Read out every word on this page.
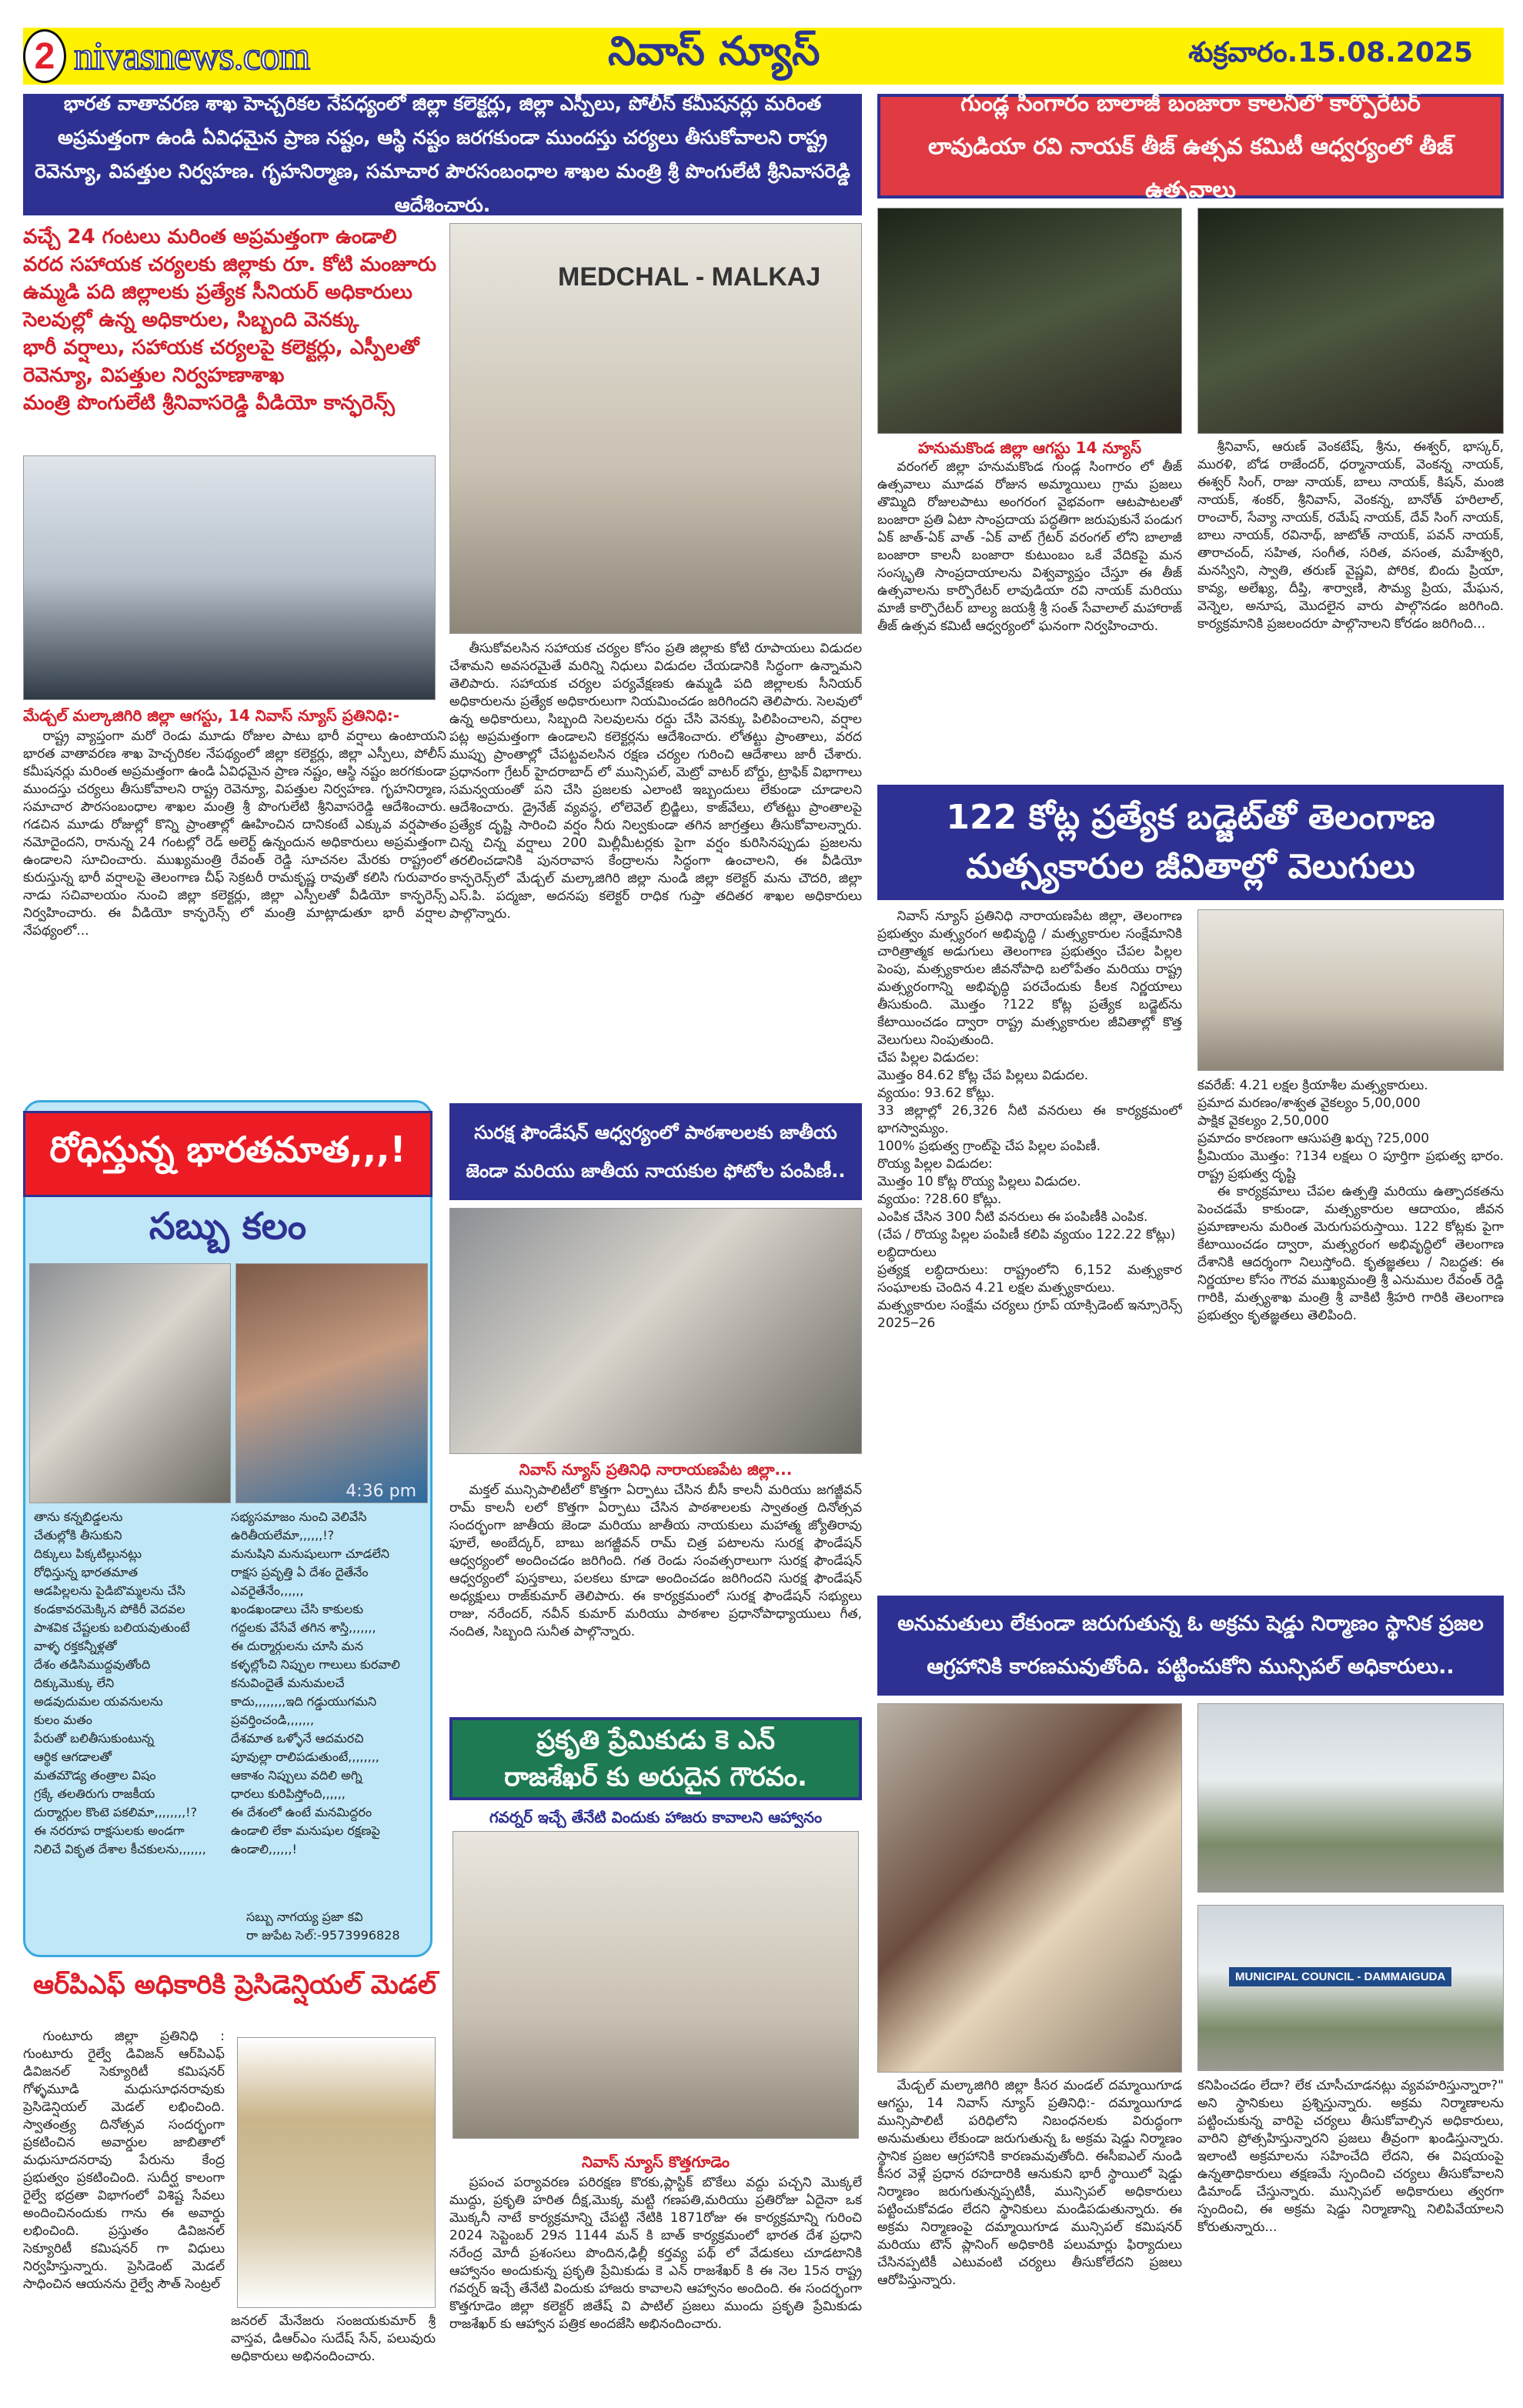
2 nivasnews.com	నివాస్ న్యూస్	శుక్రవారం.15.08.2025
భారత వాతావరణ శాఖ హెచ్చరికల నేపధ్యంలో జిల్లా కలెక్టర్లు, జిల్లా ఎస్పీలు, పోలీస్ కమీషనర్లు మరింత అప్రమత్తంగా ఉండి ఏవిధమైన ప్రాణ నష్టం, ఆస్థి నష్టం జరగకుండా ముందస్తు చర్యలు తీసుకోవాలని రాష్ట్ర రెవెన్యూ, విపత్తుల నిర్వహణ. గృహనిర్మాణ, సమాచార పౌరసంబంధాల శాఖల మంత్రి శ్రీ పొంగులేటి శ్రీనివాసరెడ్డి ఆదేశించారు.
వచ్చే 24 గంటలు మరింత అప్రమత్తంగా ఉండాలి
వరద సహాయక చర్యలకు జిల్లాకు రూ. కోటి మంజూరు
ఉమ్మడి పది జిల్లాలకు ప్రత్యేక సీనియర్ అధికారులు
సెలవుల్లో ఉన్న అధికారుల, సిబ్బంది వెనక్కు
భారీ వర్షాలు, సహాయక చర్యలపై కలెక్టర్లు, ఎస్పీలతో
రెవెన్యూ, విపత్తుల నిర్వహణాశాఖ
మంత్రి పొంగులేటి శ్రీనివాసరెడ్డి వీడియో కాన్ఫరెన్స్
MEDCHAL - MALKAJ
మేడ్చల్ మల్కాజిగిరి జిల్లా ఆగస్టు, 14 నివాస్ న్యూస్ ప్రతినిధి:-
రాష్ట్ర వ్యాప్తంగా మరో రెండు మూడు రోజుల పాటు భారీ వర్షాలు ఉంటాయని భారత వాతావరణ శాఖ హెచ్చరికల నేపథ్యంలో జిల్లా కలెక్టర్లు, జిల్లా ఎస్పీలు, పోలీస్ కమీషనర్లు మరింత అప్రమత్తంగా ఉండి ఏవిధమైన ప్రాణ నష్టం, ఆస్థి నష్టం జరగకుండా ముందస్తు చర్యలు తీసుకోవాలని రాష్ట్ర రెవెన్యూ, విపత్తుల నిర్వహణ. గృహనిర్మాణ, సమాచార పౌరసంబంధాల శాఖల మంత్రి శ్రీ పొంగులేటి శ్రీనివాసరెడ్డి ఆదేశించారు. గడచిన మూడు రోజుల్లో కొన్ని ప్రాంతాల్లో ఊహించిన దానికంటే ఎక్కువ వర్షపాతం నమోదైందని, రానున్న 24 గంటల్లో రెడ్ అలెర్ట్ ఉన్నందున అధికారులు అప్రమత్తంగా ఉండాలని సూచించారు. ముఖ్యమంత్రి రేవంత్ రెడ్డి సూచనల మేరకు రాష్ట్రంలో కురుస్తున్న భారీ వర్షాలపై తెలంగాణ చీఫ్ సెక్రటరీ రామకృష్ణ రావుతో కలిసి గురువారం నాడు సచివాలయం నుంచి జిల్లా కలెక్టర్లు, జిల్లా ఎస్పీలతో వీడియో కాన్ఫరెన్స్ నిర్వహించారు. ఈ వీడియో కాన్ఫరెన్స్ లో మంత్రి మాట్లాడుతూ భారీ వర్షాల నేపథ్యంలో...
తీసుకోవలసిన సహాయక చర్యల కోసం ప్రతి జిల్లాకు కోటి రూపాయలు విడుదల చేశామని అవసరమైతే మరిన్ని నిధులు విడుదల చేయడానికి సిద్ధంగా ఉన్నామని తెలిపారు. సహాయక చర్యల పర్యవేక్షణకు ఉమ్మడి పది జిల్లాలకు సీనియర్ అధికారులను ప్రత్యేక అధికారులుగా నియమించడం జరిగిందని తెలిపారు. సెలవులో ఉన్న అధికారులు, సిబ్బంది సెలవులను రద్దు చేసి వెనక్కు పిలిపించాలని, వర్షాల పట్ల అప్రమత్తంగా ఉండాలని కలెక్టర్లను ఆదేశించారు. లోతట్టు ప్రాంతాలు, వరద ముప్పు ప్రాంతాల్లో చేపట్టవలసిన రక్షణ చర్యల గురించి ఆదేశాలు జారీ చేశారు. ప్రధానంగా గ్రేటర్ హైదరాబాద్ లో మున్సిపల్, మెట్రో వాటర్ బోర్డు, ట్రాఫిక్ విభాగాలు సమన్వయంతో పని చేసి ప్రజలకు ఎలాంటి ఇబ్బందులు లేకుండా చూడాలని ఆదేశించారు. డ్రైనేజ్ వ్యవస్థ, లోలెవెల్ బ్రిడ్జిలు, కాజ్‌వేలు, లోతట్టు ప్రాంతాలపై ప్రత్యేక దృష్టి సారించి వర్షం నీరు నిల్వకుండా తగిన జాగ్రత్తలు తీసుకోవాలన్నారు. చిన్న చిన్న వర్షాలు 200 మిల్లీమీటర్లకు పైగా వర్షం కురిసినప్పుడు ప్రజలను తరలించడానికి పునరావాస కేంద్రాలను సిద్ధంగా ఉంచాలని, ఈ వీడియో కాన్ఫరెన్స్‌లో మేడ్చల్ మల్కాజిగిరి జిల్లా నుండి జిల్లా కలెక్టర్ మను చౌదరి, జిల్లా ఎస్.పి. పద్మజా, అదనపు కలెక్టర్ రాధిక గుప్తా తదితర శాఖల అధికారులు పాల్గొన్నారు.
గుండ్ల సింగారం బాలాజీ బంజారా కాలనీలో కార్పొరేటర్
లావుడియా రవి నాయక్ తీజ్ ఉత్సవ కమిటీ ఆధ్వర్యంలో తీజ్ ఉత్సవాలు
హనుమకొండ జిల్లా ఆగస్టు 14 న్యూస్
వరంగల్ జిల్లా హనుమకొండ గుండ్ల సింగారం లో తీజ్ ఉత్సవాలు మూడవ రోజున అమ్మాయిలు గ్రామ ప్రజలు తొమ్మిది రోజులపాటు అంగరంగ వైభవంగా ఆటపాటలతో బంజారా ప్రతి ఏటా సాంప్రదాయ పద్ధతిగా జరుపుకునే పండుగ ఏక్ జాత్-ఏక్ వాత్ -ఏక్ వాట్ గ్రేటర్ వరంగల్ లోని బాలాజీ బంజారా కాలనీ బంజారా కుటుంబం ఒకే వేదికపై మన సంస్కృతి సాంప్రదాయాలను విశ్వవ్యాప్తం చేస్తూ ఈ తీజ్ ఉత్సవాలను కార్పొరేటర్ లావుడియా రవి నాయక్ మరియు మాజీ కార్పొరేటర్ బాల్య జయశ్రీ శ్రీ సంత్ సేవాలాల్ మహారాజ్ తీజ్ ఉత్సవ కమిటీ ఆధ్వర్యంలో ఘనంగా నిర్వహించారు.
శ్రీనివాస్, ఆరుణ్ వెంకటేష్, శ్రీను, ఈశ్వర్, భాస్కర్, మురళి, బోడ రాజేందర్, ధర్మానాయక్, వెంకన్న నాయక్, ఈశ్వర్ సింగ్, రాజు నాయక్, బాలు నాయక్, కిషన్, మంజి నాయక్, శంకర్, శ్రీనివాస్, వెంకన్న, బానోత్ హరిలాల్, రాంచార్, సేవ్యా నాయక్, రమేష్ నాయక్, దేవ్ సింగ్ నాయక్, బాలు నాయక్, రవినాథ్, జాటోత్ నాయక్, పవన్ నాయక్, తారాచంద్, సహిత, సంగీత, సరిత, వసంత, మహేశ్వరి, మనస్విని, స్వాతి, తరుణ్ వైష్ణవి, పోరిక, బిందు ప్రియా, కావ్య, అలేఖ్య, దీప్తి, శార్వాణి, సౌమ్య ప్రియ, మేఘన, వెన్నెల, అనూష, మొదలైన వారు పాల్గొనడం జరిగింది. కార్యక్రమానికి ప్రజలందరూ పాల్గొనాలని కోరడం జరిగింది...
122 కోట్ల ప్రత్యేక బడ్జెట్‌తో తెలంగాణ
మత్స్యకారుల జీవితాల్లో వెలుగులు

నివాస్ న్యూస్ ప్రతినిధి నారాయణపేట జిల్లా, తెలంగాణ ప్రభుత్వం మత్స్యరంగ అభివృద్ధి / మత్స్యకారుల సంక్షేమానికి చారిత్రాత్మక అడుగులు తెలంగాణ ప్రభుత్వం చేపల పిల్లల పెంపు, మత్స్యకారుల జీవనోపాధి బలోపేతం మరియు రాష్ట్ర మత్స్యరంగాన్ని అభివృద్ధి పరచేందుకు కీలక నిర్ణయాలు తీసుకుంది. మొత్తం ?122 కోట్ల ప్రత్యేక బడ్జెట్‌ను కేటాయించడం ద్వారా రాష్ట్ర మత్స్యకారుల జీవితాల్లో కొత్త వెలుగులు నింపుతుంది.

చేప పిల్లల విడుదల:
మొత్తం 84.62 కోట్ల చేప పిల్లలు విడుదల.
వ్యయం: 93.62 కోట్లు.
33 జిల్లాల్లో 26,326 నీటి వనరులు ఈ కార్యక్రమంలో భాగస్వామ్యం.
100% ప్రభుత్వ గ్రాంట్‌పై చేప పిల్లల పంపిణీ.
రొయ్య పిల్లల విడుదల:
మొత్తం 10 కోట్ల రొయ్య పిల్లలు విడుదల.
వ్యయం: ?28.60 కోట్లు.
ఎంపిక చేసిన 300 నీటి వనరులు ఈ పంపిణీకి ఎంపిక.
(చేప / రొయ్య పిల్లల పంపిణీ కలిపి వ్యయం 122.22 కోట్లు)
లబ్ధిదారులు
ప్రత్యక్ష లబ్ధిదారులు: రాష్ట్రంలోని 6,152 మత్స్యకార సంఘాలకు చెందిన 4.21 లక్షల మత్స్యకారులు.
మత్స్యకారుల సంక్షేమ చర్యలు గ్రూప్ యాక్సిడెంట్ ఇన్సూరెన్స్ 2025౼26
కవరేజ్: 4.21 లక్షల క్రియాశీల మత్స్యకారులు.
ప్రమాద మరణం/శాశ్వత వైకల్యం 5,00,000
పాక్షిక వైకల్యం 2,50,000
ప్రమాదం కారణంగా ఆసుపత్రి ఖర్చు ?25,000
ప్రీమియం మొత్తం: ?134 లక్షలు ౦ పూర్తిగా ప్రభుత్వ భారం. రాష్ట్ర ప్రభుత్వ దృష్టి
ఈ కార్యక్రమాలు చేపల ఉత్పత్తి మరియు ఉత్పాదకతను పెంచడమే కాకుండా, మత్స్యకారుల ఆదాయం, జీవన ప్రమాణాలను మరింత మెరుగుపరుస్తాయి. 122 కోట్లకు పైగా కేటాయించడం ద్వారా, మత్స్యరంగ అభివృద్ధిలో తెలంగాణ దేశానికి ఆదర్శంగా నిలుస్తోంది. కృతజ్ఞతలు / నిబద్ధత: ఈ నిర్ణయాల కోసం గౌరవ ముఖ్యమంత్రి శ్రీ ఎనుముల రేవంత్ రెడ్డి గారికి, మత్స్యశాఖ మంత్రి శ్రీ వాకిటి శ్రీహరి గారికి తెలంగాణ ప్రభుత్వం కృతజ్ఞతలు తెలిపింది.
రోధిస్తున్న భారతమాత,,,!
సబ్బు కలం
4:36 pm
తాను కన్నబిడ్డలను
చేతుల్లోకి తీసుకుని
దిక్కులు పిక్కటిల్లునట్లు
రోధిస్తున్న భారతమాత
ఆడపిల్లలను పైడిబొమ్మలను చేసి
కండకావరమెక్కిన పోకిరీ వెదవల
పాశవిక చేష్టలకు బలియవుతుంటే
వాళ్ళ రక్తకన్నీళ్లతో
దేశం తడిసిముద్దవుతోంది
దిక్కుమొక్కు లేని
అడవుదుమల యవనులను
కులం మతం
పేరుతో బలితీసుకుంటున్న
ఆర్థిక ఆగడాలతో
మతమౌడ్య తంత్రాల విషం
గ్రక్కే తలతిరుగు రాజకీయ
దుర్మార్గుల కొంటె పకలిమా,,,,,,,,!?
ఈ నరరూప రాక్షసులకు అండగా
నిలిచే వికృత దేశాల కీచకులను,,,,,,,
సభ్యసమాజం నుంచి వెలివేసి
ఉరితీయలేమా,,,,,,!?
మనుషిని మనుషులుగా చూడలేని
రాక్షస ప్రవృత్తి ఏ దేశం దైతేనేం
ఎవరైతేనేం,,,,,,
ఖండఖండాలు చేసి కాకులకు
గద్దలకు వేసేవే తగిన శాస్తి,,,,,,,
ఈ దుర్మార్గులను చూసి మన
కళ్ళల్లోంచి నిప్పుల గాలులు కురవాలి
కనువిందైతే మనుమలచే
కాదు,,,,,,,,ఇది గడ్డుయుగమని
ప్రవర్తించండి,,,,,,,
దేశమాత ఒళ్ళోనే ఆదమరచి
పూవుల్లా రాలిపడుతుంటే,,,,,,,,
ఆకాశం నిప్పులు వదిలి అగ్ని
ధారలు కురిపిస్తోంది,,,,,,
ఈ దేశంలో ఉంటే మనమిద్దరం
ఉండాలి లేకా మనుషుల రక్షణపై
ఉండాలి,,,,,,!
సబ్బు నాగయ్య ప్రజా కవి
రా జుపేట సెల్:-9573996828
సురక్ష ఫౌండేషన్ ఆధ్వర్యంలో పాఠశాలలకు జాతీయ
జెండా మరియు జాతీయ నాయకుల ఫోటోల పంపిణీ..
నివాస్ న్యూస్ ప్రతినిధి నారాయణపేట జిల్లా...
మక్తల్ మున్సిపాలిటీలో కొత్తగా ఏర్పాటు చేసిన బీసీ కాలనీ మరియు జగజ్జీవన్ రామ్ కాలనీ లలో కొత్తగా ఏర్పాటు చేసిన పాఠశాలలకు స్వాతంత్ర దినోత్సవ సందర్భంగా జాతీయ జెండా మరియు జాతీయ నాయకులు మహాత్మ జ్యోతిరావు ఫూలే, అంబేద్కర్, బాబు జగజ్జీవన్ రామ్ చిత్ర పటాలను సురక్ష ఫౌండేషన్ ఆధ్వర్యంలో అందించడం జరిగింది. గత రెండు సంవత్సరాలుగా సురక్ష ఫౌండేషన్ ఆధ్వర్యంలో పుస్తకాలు, పలకలు కూడా అందించడం జరిగిందని సురక్ష ఫౌండేషన్ అధ్యక్షులు రాజ్‌కుమార్ తెలిపారు. ఈ కార్యక్రమంలో సురక్ష ఫౌండేషన్ సభ్యులు రాజు, నరేందర్, నవీన్ కుమార్ మరియు పాఠశాల ప్రధానోపాధ్యాయులు గీత, నందిత, సిబ్బంది సునీత పాల్గొన్నారు.
ప్రకృతి ప్రేమికుడు కె ఎన్
రాజశేఖర్ కు అరుదైన గౌరవం.
గవర్నర్ ఇచ్చే తేనేటి విందుకు హాజరు కావాలని ఆహ్వానం
నివాస్ న్యూస్ కొత్తగూడెం
ప్రపంచ పర్యావరణ పరిరక్షణ కొరకు,ప్లాస్టిక్ బొకేలు వద్దు పచ్చని మొక్కలే ముద్దు, ప్రకృతి హరిత దీక్ష,మొక్క మట్టి గణపతి,మరియు ప్రతిరోజు ఏదైనా ఒక మొక్కనీ నాటే కార్యక్రమాన్ని చేపట్టి నేటికి 1871రోజు ఈ కార్యక్రమాన్ని గురించి 2024 సెప్టెంబర్ 29న 1144 మన్ కి బాత్ కార్యక్రమంలో భారత దేశ ప్రధాని నరేంద్ర మోదీ ప్రశంసలు పొందిన,ఢిల్లీ కర్తవ్య పథ్ లో వేడుకలు చూడటానికి ఆహ్వానం అందుకున్న ప్రకృతి ప్రేమికుడు కె ఎన్ రాజశేఖర్ కి ఈ నెల 15న రాష్ట్ర గవర్నర్ ఇచ్చే తేనేటి విందుకు హాజరు కావాలని ఆహ్వానం అందింది. ఈ సందర్భంగా కొత్తగూడెం జిల్లా కలెక్టర్ జితేష్ వి పాటిల్ ప్రజలు ముందు ప్రకృతి ప్రేమికుడు రాజశేఖర్ కు ఆహ్వాన పత్రిక అందజేసి అభినందించారు.
ఆర్‌పిఎఫ్ అధికారికి ప్రెసిడెన్షియల్ మెడల్
గుంటూరు జిల్లా ప్రతినిధి : గుంటూరు రైల్వే డివిజన్ ఆర్‌పిఎఫ్ డివిజనల్ సెక్యూరిటీ కమిషనర్ గోళ్ళమూడి మధుసూధనరావుకు ప్రెసిడెన్షియల్ మెడల్ లభించింది. స్వాతంత్ర్య దినోత్సవ సందర్భంగా ప్రకటించిన అవార్డుల జాబితాలో మధుసూదనరావు పేరును కేంద్ర ప్రభుత్వం ప్రకటించింది. సుదీర్ఘ కాలంగా రైల్వే భద్రతా విభాగంలో విశిష్ట సేవలు అందించినందుకు గాను ఈ అవార్డు లభించింది. ప్రస్తుతం డివిజనల్ సెక్యూరిటీ కమిషనర్ గా విధులు నిర్వహిస్తున్నారు. ప్రెసిడెంట్ మెడల్ సాధించిన ఆయనను రైల్వే సౌత్ సెంట్రల్
జనరల్ మేనేజరు సంజయకుమార్ శ్రీ వాస్తవ, డిఆర్ఎం సుదేష్ సేన్, పలువురు అధికారులు అభినందించారు.
అనుమతులు లేకుండా జరుగుతున్న ఓ అక్రమ షెడ్డు నిర్మాణం స్థానిక ప్రజల
ఆగ్రహానికి కారణమవుతోంది. పట్టించుకోని మున్సిపల్ అధికారులు..
MUNICIPAL COUNCIL - DAMMAIGUDA
మేడ్చల్ మల్కాజిగిరి జిల్లా కీసర మండల్ దమ్మాయిగూడ ఆగస్టు, 14 నివాస్ న్యూస్ ప్రతినిధి:- దమ్మాయిగూడ మున్సిపాలిటీ పరిధిలోని నిబంధనలకు విరుద్ధంగా అనుమతులు లేకుండా జరుగుతున్న ఓ అక్రమ షెడ్డు నిర్మాణం స్థానిక ప్రజల ఆగ్రహానికి కారణమవుతోంది. ఈసీఐఎల్ నుండి కీసర వెళ్లే ప్రధాన రహదారికి ఆనుకుని భారీ స్థాయిలో షెడ్డు నిర్మాణం జరుగుతున్నప్పటికీ, మున్సిపల్ అధికారులు పట్టించుకోవడం లేదని స్థానికులు మండిపడుతున్నారు. ఈ అక్రమ నిర్మాణంపై దమ్మాయిగూడ మున్సిపల్ కమిషనర్ మరియు టౌన్ ప్లానింగ్ అధికారికి పలుమార్లు ఫిర్యాదులు చేసినప్పటికీ ఎటువంటి చర్యలు తీసుకోలేదని ప్రజలు ఆరోపిస్తున్నారు.
కనిపించడం లేదా? లేక చూసీచూడనట్లు వ్యవహరిస్తున్నారా?" అని స్థానికులు ప్రశ్నిస్తున్నారు. అక్రమ నిర్మాణాలను పట్టించుకున్న వారిపై చర్యలు తీసుకోవాల్సిన అధికారులు, వారిని ప్రోత్సహిస్తున్నారని ప్రజలు తీవ్రంగా ఖండిస్తున్నారు. ఇలాంటి అక్రమాలను సహించేది లేదని, ఈ విషయంపై ఉన్నతాధికారులు తక్షణమే స్పందించి చర్యలు తీసుకోవాలని డిమాండ్ చేస్తున్నారు. మున్సిపల్ అధికారులు త్వరగా స్పందించి, ఈ అక్రమ షెడ్డు నిర్మాణాన్ని నిలిపివేయాలని కోరుతున్నారు...
